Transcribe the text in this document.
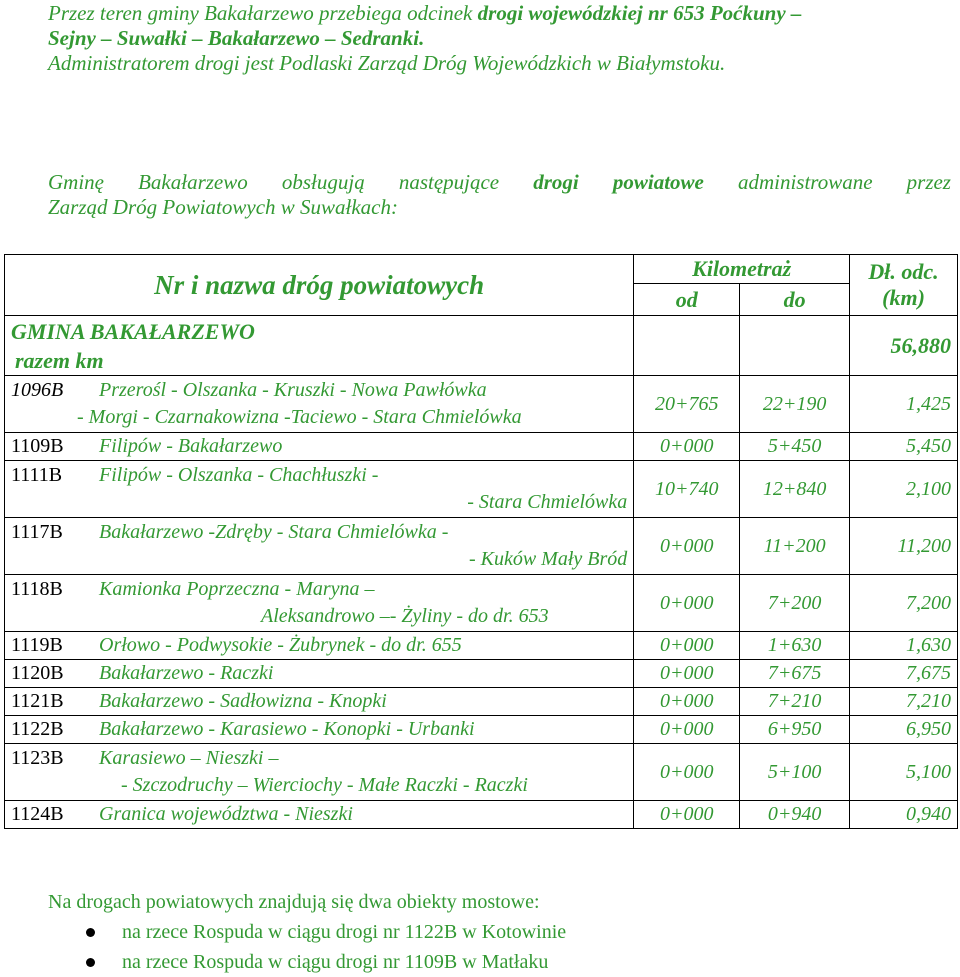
Przez teren gminy Bakałarzewo przebiega odcinek drogi wojewódzkiej nr 653 Poćkuny –
Sejny – Suwałki – Bakałarzewo – Sedranki.
Administratorem drogi jest Podlaski Zarząd Dróg Wojewódzkich w Białymstoku.
Gminę Bakałarzewo obsługują następujące drogi powiatowe administrowane przez
Zarząd Dróg Powiatowych w Suwałkach:
Nr i nazwa dróg powiatowych	Kilometraż		Dł. odc.
(km)
	od	do	
GMINA BAKAŁARZEWO
razem km			56,880
1096B Przerośl - Olszanka - Kruszki - Nowa Pawłówka
- Morgi - Czarnakowizna -Taciewo - Stara Chmielówka	20+765	22+190	1,425
1109B Filipów - Bakałarzewo	0+000	5+450	5,450
1111B Filipów - Olszanka - Chachłuszki -
- Stara Chmielówka	10+740	12+840	2,100
1117B Bakałarzewo -Zdręby - Stara Chmielówka -
- Kuków Mały Bród	0+000	11+200	11,200
1118B Kamionka Poprzeczna - Maryna –
Aleksandrowo –- Żyliny - do dr. 653	0+000	7+200	7,200
1119B Orłowo - Podwysokie - Żubrynek - do dr. 655	0+000	1+630	1,630
1120B Bakałarzewo - Raczki	0+000	7+675	7,675
1121B Bakałarzewo - Sadłowizna - Knopki	0+000	7+210	7,210
1122B Bakałarzewo - Karasiewo - Konopki - Urbanki	0+000	6+950	6,950
1123B Karasiewo – Nieszki –
- Szczodruchy – Wierciochy - Małe Raczki - Raczki	0+000	5+100	5,100
1124B Granica województwa - Nieszki	0+000	0+940	0,940
Na drogach powiatowych znajdują się dwa obiekty mostowe:
na rzece Rospuda w ciągu drogi nr 1122B w Kotowinie
na rzece Rospuda w ciągu drogi nr 1109B w Matłaku
